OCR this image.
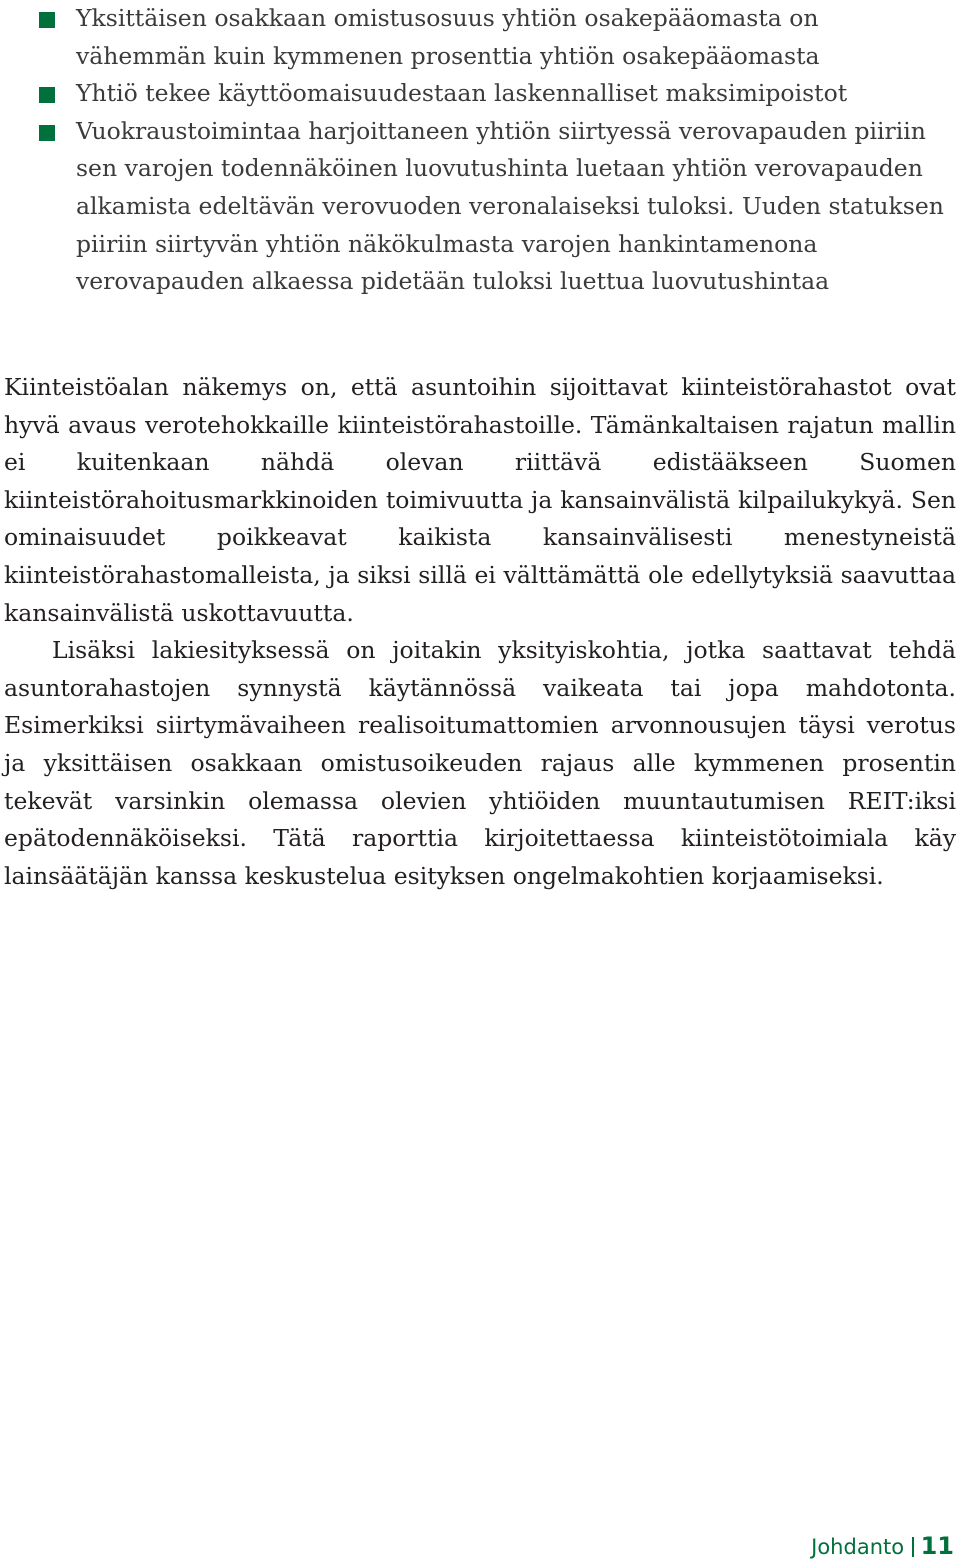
Yksittäisen osakkaan omistusosuus yhtiön osakepääomasta on vähemmän kuin kymmenen prosenttia yhtiön osakepääomasta
Yhtiö tekee käyttöomaisuudestaan laskennalliset maksimipoistot
Vuokraustoimintaa harjoittaneen yhtiön siirtyessä verovapauden piiriin sen varojen todennäköinen luovutushinta luetaan yhtiön verovapauden alkamista edeltävän verovuoden veronalaiseksi tuloksi. Uuden statuksen piiriin siirtyvän yhtiön näkökulmasta varojen hankintamenona verovapauden alkaessa pidetään tuloksi luettua luovutushintaa

Kiinteistöalan näkemys on, että asuntoihin sijoittavat kiinteistörahastot ovat hyvä avaus verotehokkaille kiinteistörahastoille. Tämänkaltaisen rajatun mallin ei kuitenkaan nähdä olevan riittävä edistääkseen Suomen kiinteistörahoitusmarkkinoiden toimivuutta ja kansainvälistä kilpailukykyä. Sen ominaisuudet poikkeavat kaikista kansainvälisesti menestyneistä kiinteistörahastomalleista, ja siksi sillä ei välttämättä ole edellytyksiä saavuttaa kansainvälistä uskottavuutta.

Lisäksi lakiesityksessä on joitakin yksityiskohtia, jotka saattavat tehdä asuntorahastojen synnystä käytännössä vaikeata tai jopa mahdotonta. Esimerkiksi siirtymävaiheen realisoitumattomien arvonnousujen täysi verotus ja yksittäisen osakkaan omistusoikeuden rajaus alle kymmenen prosentin tekevät varsinkin olemassa olevien yhtiöiden muuntautumisen REIT:iksi epätodennäköiseksi. Tätä raporttia kirjoitettaessa kiinteistötoimiala käy lainsäätäjän kanssa keskustelua esityksen ongelmakohtien korjaamiseksi.

Johdanto 11
